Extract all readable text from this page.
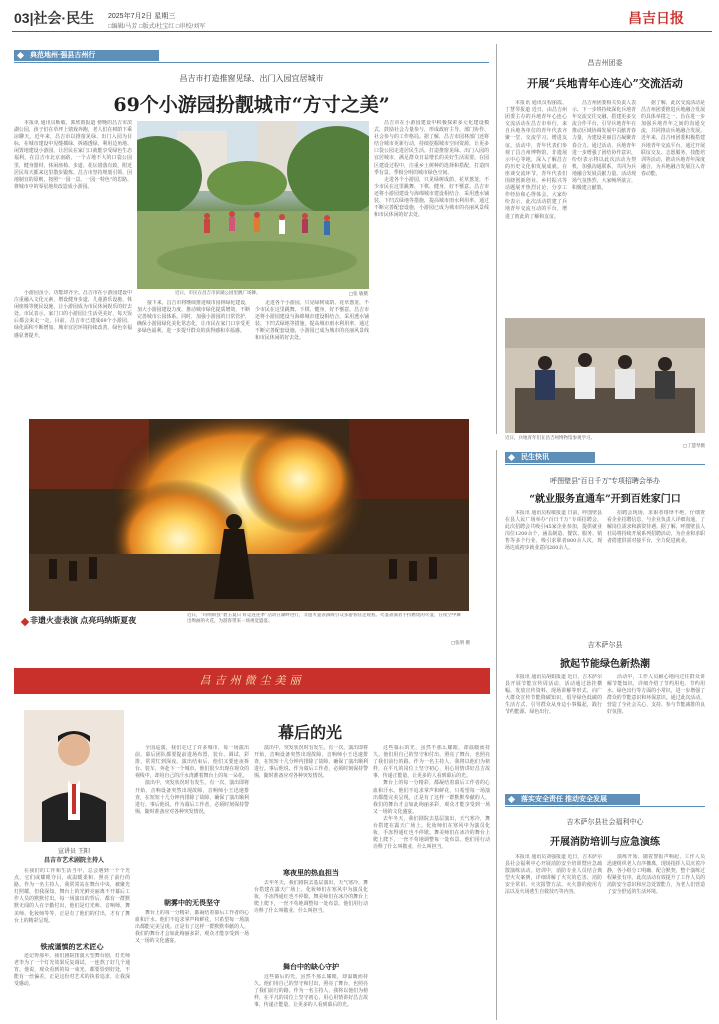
03|社会·民生 2025年7月2日 星期三
□编辑/马芳 □版式/杜宝红 □审校/刘军	昌吉日报
典范地州·强县古州行
昌吉市打造推窗见绿、出门入园宜居城市
69个小游园扮靓城市“方寸之美”

本报讯 通讯员靳敏、郭欣雨报道 傍晚的昌吉市滨湖公园，孩子们在草坪上嬉戏奔跑，老人们在树荫下乘凉聊天。近年来，昌吉市以推窗见绿、出门入园为目标，在城市建设中见缝插绿、拆墙透绿，利用边角地、闲置地建设小游园，让居民在家门口就能享受绿色生态福利。在昌吉市北京南路，一个占地不大的口袋公园里，健身器材、休闲座椅、步道、花坛错落有致，附近居民每天都来这里散步锻炼。昌吉市坚持规划引领、因地制宜的原则，按照“一园一景、一园一特色”的思路，将城市中的零星地块改造成小游园。

小游园虽小，功能却齐全。昌吉市在小游园建设中注重融入文化元素，增设健身步道、儿童游乐设施、休闲座椅等便民设施，让小游园成为市民休闲娱乐的好去处。市民表示，家门口的小游园让生活更美好，每天饭后都会来走一走。目前，昌吉市已建成69个小游园，绿化面积不断增加，城市宜居环境持续改善，绿色幸福感显著提升。

近日，市民在昌吉市滨湖公园里跳广场舞。	□张 敏摄

接下来，昌吉市将继续推进城市园林绿化建设，加大小游园建设力度，推动城市绿化提质增效，不断完善城市公园体系。同时，加强小游园的日常管护，确保小游园绿化美化常态化，让市民在家门口享受更多绿色福利，进一步提升群众的获得感和幸福感。

走进各个小游园，只见绿树成荫、花草葱茏，不少市民在这里跳舞、下棋、健身，好不惬意。昌吉市还将小游园建设与海绵城市建设相结合，采用透水铺装、下凹式绿地等措施，提高城市雨水利用率。通过不断完善配套设施，小游园已成为城市的亮丽风景线和市民休闲的好去处。

昌吉市在小游园建设中积极探索多元化建设模式，鼓励社会力量参与，形成政府主导、部门协作、社会参与的工作格局。据了解，昌吉市园林部门还将结合城市更新行动，持续挖掘城市空间资源，让更多口袋公园走进居民生活，打造推窗见绿、出门入园的宜居城市，满足群众日益增长的美好生活需要。在园区建设过程中，注重乡土树种的选择和搭配，打造四季有景、季相分明的城市绿色空间。

走进各个小游园，只见绿树成荫、花草葱茏，不少市民在这里跳舞、下棋、健身，好不惬意。昌吉市还将小游园建设与海绵城市建设相结合，采用透水铺装、下凹式绿地等措施，提高城市雨水利用率。通过不断完善配套设施，小游园已成为城市的亮丽风景线和市民休闲的好去处。

昌吉州团委
开展“兵地青年心连心”交流活动

本报讯 通讯员程丽霞、丁慧琴报道 近日，由昌吉州团委主办的兵地青年心连心交流活动在昌吉市举行，来自兵地各单位的青年代表齐聚一堂，交流学习、增进友谊。活动中，青年代表们参观了昌吉州博物馆、非遗展示中心等地，深入了解昌吉的历史文化和发展成就。在座谈交流环节，青年代表们围绕创新创业、乡村振兴等话题展开热烈讨论，分享工作经验和心得体会。大家纷纷表示，此次活动搭建了兵地青年交流互动的平台，增进了彼此的了解和友谊。

昌吉州团委相关负责人表示，下一步将持续深化兵地青年交流交往交融，搭建更多交流合作平台，引导兵地青年在推动区域协调发展中贡献青春力量，为建设美丽昌吉凝聚青春合力。通过活动，兵地青年进一步增强了团结协作意识，纷纷表示将以此次活动为契机，加强沟通联系，共同为兵地融合发展贡献力量。活动现场气氛热烈，大家畅所欲言，积极建言献策。

据了解，此次交流活动是昌吉州团委推进兵地融合发展的具体举措之一，旨在进一步加强兵地青年之间的沟通交流，共同推动兵地融合发展。近年来，昌吉州团委积极搭建兵地青年交流平台，通过开展联谊交友、志愿服务、技能培训等活动，推动兵地青年深度融合，为兵地融合发展注入青春动能。

近日，兵地青年们在昌吉州博物馆参观学习。
□丁慧琴摄
非遗火壶表演 点亮玛纳斯夏夜
近日，“玛纳斯县”碧玉夏日 好运连连季”活动在湖畔进行，非遗火壶表演吸引众多游客驻足观看。火壶表演者手持燃烧的火壶，在夜空中舞出绚丽的火花，为游客带来一场视觉盛宴。
□张明 摄
昌吉州微尘美丽
幕后的光
宣讲员 王阳
昌吉市艺术剧院主持人

在我们的工作和生活当中，总会遇到一个个光点，它们或耀眼夺目，或温暖柔和，照亮了前行的路。作为一名主持人，我常常站在舞台中央，被聚光灯照耀，但我深知，舞台上的光鲜亮丽离不开幕后工作人员的默默付出。每一场演出的背后，都有一群默默无闻的人在辛勤付出，他们是灯光师、音响师、舞美师、化妆师等等，正是有了他们的付出，才有了舞台上的精彩呈现。

铁戒谨慎的艺术匠心

还记得那年，我们剧院排演大型舞台剧，灯光师老李为了一个灯光效果反复调试，一连熬了好几个通宵。他说，观众看到的每一束光，都要恰到好处，不能有一丝偏差。正是这份对艺术的执着追求，让我深受感动。

全国巡演，我们走过了许多城市，每一场演出前，幕后团队都要提前进场布置，装台、调试、彩排，常常忙到深夜。演出结束后，他们又要连夜拆台、装车，奔赴下一个城市。他们很少出现在观众的视线中，却用自己的汗水浇灌着舞台上的每一朵花。

演出中，突发状况时有发生。有一次，演出即将开始，音响设备突然出现故障，音响师小王迅速排查，在短短十几分钟内排除了故障，确保了演出顺利进行。事后他说，作为幕后工作者，必须时刻保持警惕，随时准备应对各种突发情况。

朝雾中的无畏坚守

舞台上的每一分精彩，都凝结着幕后工作者的心血和汗水。他们不追求掌声和鲜花，只希望每一场演出都能完美呈现。正是有了这样一群默默奉献的人，我们的舞台才会如此绚丽多彩，观众才能享受到一场又一场的文化盛宴。

演出中，突发状况时有发生。有一次，演出即将开始，音响设备突然出现故障，音响师小王迅速排查，在短短十几分钟内排除了故障，确保了演出顺利进行。事后他说，作为幕后工作者，必须时刻保持警惕，随时准备应对各种突发情况。

寒夜里的热血担当

去年冬天，我们剧院去基层演出，天气寒冷，舞台搭建在露天广场上。化妆师们在寒风中为演员化妆，手冻得通红也不停歇。舞美师们在冰冷的舞台上爬上爬下，一丝不苟地调整每一处布景。他们用行动诠释了什么叫敬业，什么叫担当。

舞台中的缺心守护

这些幕后的光，虽然不那么耀眼，却温暖而持久。他们用自己的坚守和付出，照亮了舞台，也照亮了我们前行的路。作为一名主持人，我将以他们为榜样，在平凡的岗位上坚守初心，用心用情讲好昌吉故事，传递正能量，让更多的人看到幕后的光。

这些幕后的光，虽然不那么耀眼，却温暖而持久。他们用自己的坚守和付出，照亮了舞台，也照亮了我们前行的路。作为一名主持人，我将以他们为榜样，在平凡的岗位上坚守初心，用心用情讲好昌吉故事，传递正能量，让更多的人看到幕后的光。

舞台上的每一分精彩，都凝结着幕后工作者的心血和汗水。他们不追求掌声和鲜花，只希望每一场演出都能完美呈现。正是有了这样一群默默奉献的人，我们的舞台才会如此绚丽多彩，观众才能享受到一场又一场的文化盛宴。

去年冬天，我们剧院去基层演出，天气寒冷，舞台搭建在露天广场上。化妆师们在寒风中为演员化妆，手冻得通红也不停歇。舞美师们在冰冷的舞台上爬上爬下，一丝不苟地调整每一处布景。他们用行动诠释了什么叫敬业，什么叫担当。

民生快讯
呼图壁县“百日千万”专项招聘会举办
“就业服务直通车”开到百姓家门口

本报讯 通讯员程敏报道 日前，呼图壁县在县人民广场举办“百日千万”专项招聘会，此次招聘会共吸引45家企业参加，提供就业岗位1200余个，涵盖制造、餐饮、服务、销售等多个行业，吸引求职者800余人次，现场达成初步就业意向260余人。

招聘会现场，求职者络绎不绝，仔细查看企业招聘信息，与企业负责人详细沟通，了解岗位需求和薪资待遇。据了解，呼图壁县人社局将持续开展系列招聘活动，为企业和求职者搭建供需对接平台，全力促进就业。

吉木萨尔县
掀起节能绿色新热潮

本报讯 通讯员胡娟报道 近日，吉木萨尔县开展节能宣传周活动，活动通过悬挂横幅、发放宣传资料、现场讲解等形式，向广大群众宣传节能降碳知识，倡导绿色低碳的生活方式，引导群众从身边小事做起，践行节约能源、绿色出行。

活动中，工作人员耐心地向过往群众讲解节能知识，详细介绍了节约用电、节约用水、绿色出行等方面的小常识，进一步增强了群众的节能意识和环保意识。通过此次活动，营造了全社会关心、支持、参与节能减排的良好氛围。

落实安全责任 推动安全发展
吉木萨尔县社会福利中心
开展消防培训与应急演练

本报讯 通讯员刘强报道 近日，吉木萨尔县社会福利中心开展消防安全培训暨应急疏散演练活动。培训中，消防专业人员结合典型火灾案例，详细讲解了火灾的危害、消防安全常识、火灾报警方法、灭火器的使用方法以及火场逃生自救技巧等内容。

演练开始，随着警报声响起，工作人员迅速组织老人有序撤离，现场指挥人员沉着冷静，各小组分工明确、配合默契，整个演练过程紧张有序。此次活动有效提升了工作人员的消防安全意识和应急处置能力，为老人们营造了安全舒适的生活环境。
